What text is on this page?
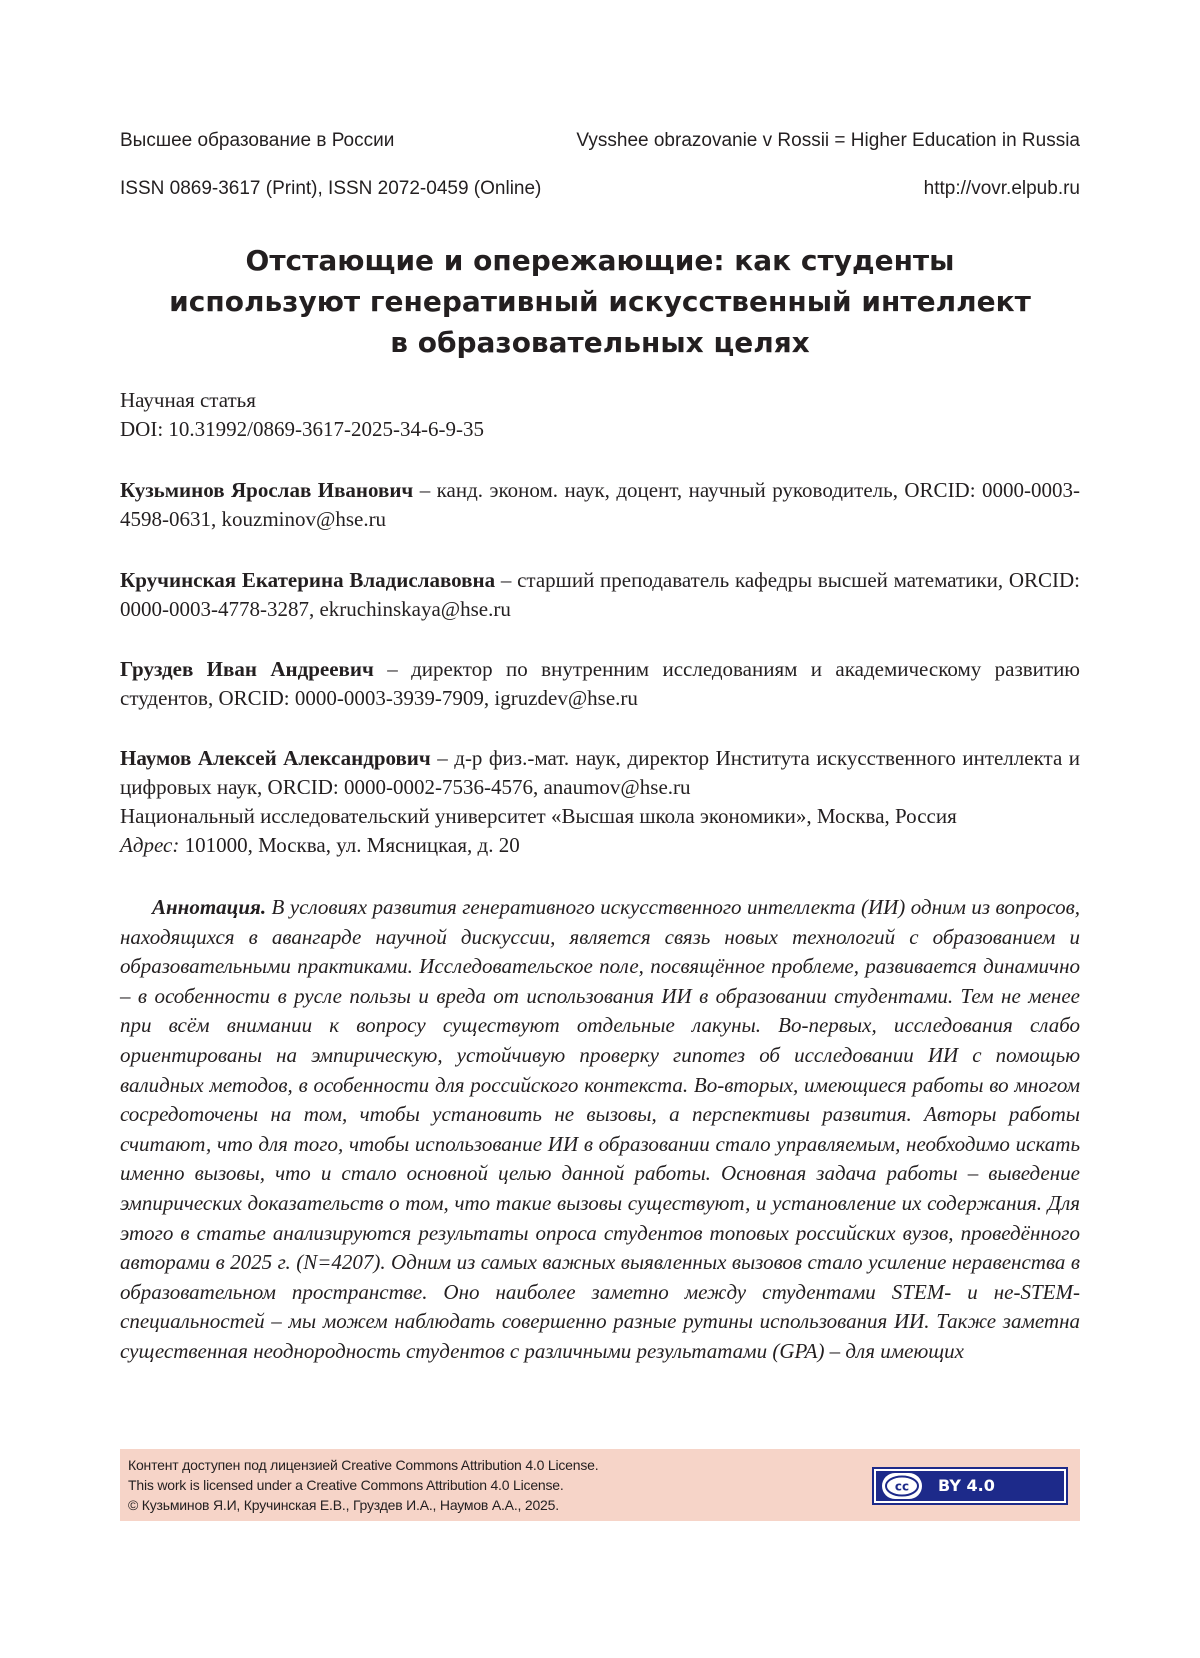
Высшее образование в России	Vysshee obrazovanie v Rossii = Higher Education in Russia
ISSN 0869-3617 (Print), ISSN 2072-0459 (Online)	http://vovr.elpub.ru
Отстающие и опережающие: как студенты
используют генеративный искусственный интеллект
в образовательных целях
Научная статья
DOI: 10.31992/0869-3617-2025-34-6-9-35
Кузьминов Ярослав Иванович – канд. эконом. наук, доцент, научный руководитель, ORCID: 0000-0003-4598-0631, kouzminov@hse.ru
Кручинская Екатерина Владиславовна – старший преподаватель кафедры высшей математики, ORCID: 0000-0003-4778-3287, ekruchinskaya@hse.ru
Груздев Иван Андреевич – директор по внутренним исследованиям и академическому развитию студентов, ORCID: 0000-0003-3939-7909, igruzdev@hse.ru
Наумов Алексей Александрович – д-р физ.-мат. наук, директор Института искусственного интеллекта и цифровых наук, ORCID: 0000-0002-7536-4576, anaumov@hse.ru
Национальный исследовательский университет «Высшая школа экономики», Москва, Россия
Адрес: 101000, Москва, ул. Мясницкая, д. 20

Аннотация. В условиях развития генеративного искусственного интеллекта (ИИ) одним из вопросов, находящихся в авангарде научной дискуссии, является связь новых технологий с образованием и образовательными практиками. Исследовательское поле, посвящённое проблеме, развивается динамично – в особенности в русле пользы и вреда от использования ИИ в образовании студентами. Тем не менее при всём внимании к вопросу существуют отдельные лакуны. Во-первых, исследования слабо ориентированы на эмпирическую, устойчивую проверку гипотез об исследовании ИИ с помощью валидных методов, в особенности для российского контекста. Во-вторых, имеющиеся работы во многом сосредоточены на том, чтобы установить не вызовы, а перспективы развития. Авторы работы считают, что для того, чтобы использование ИИ в образовании стало управляемым, необходимо искать именно вызовы, что и стало основной целью данной работы. Основная задача работы – выведение эмпирических доказательств о том, что такие вызовы существуют, и установление их содержания. Для этого в статье анализируются результаты опроса студентов топовых российских вузов, проведённого авторами в 2025 г. (N=4207). Одним из самых важных выявленных вызовов стало усиление неравенства в образовательном пространстве. Оно наиболее заметно между студентами STEM- и не-STEM-специальностей – мы можем наблюдать совершенно разные рутины использования ИИ. Также заметна существенная неоднородность студентов с различными результатами (GPA) – для имеющих

Контент доступен под лицензией Creative Commons Attribution 4.0 License.
This work is licensed under a Creative Commons Attribution 4.0 License.
© Кузьминов Я.И, Кручинская Е.В., Груздев И.А., Наумов А.А., 2025.
cc BY 4.0
